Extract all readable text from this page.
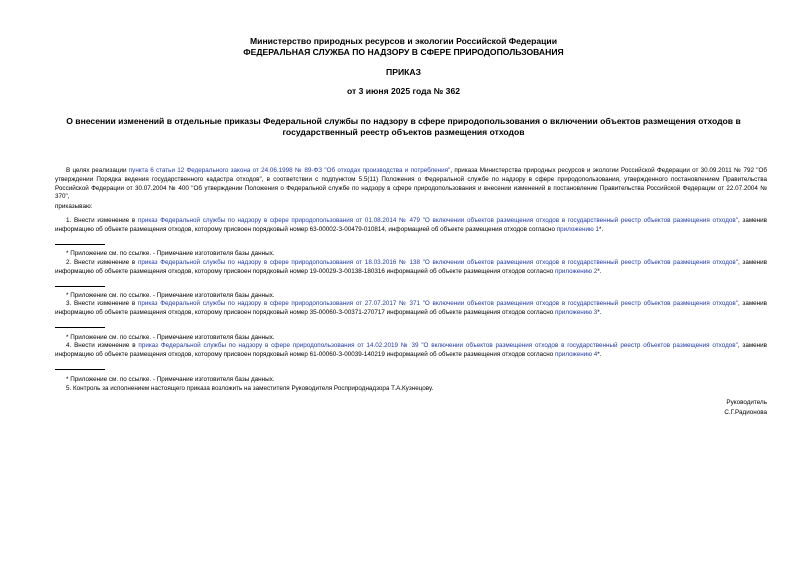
Министерство природных ресурсов и экологии Российской Федерации
ФЕДЕРАЛЬНАЯ СЛУЖБА ПО НАДЗОРУ В СФЕРЕ ПРИРОДОПОЛЬЗОВАНИЯ
ПРИКАЗ
от 3 июня 2025 года № 362
О внесении изменений в отдельные приказы Федеральной службы по надзору в сфере природопользования о включении объектов размещения отходов в государственный реестр объектов размещения отходов
В целях реализации пункта 6 статьи 12 Федерального закона от 24.06.1998 № 89-ФЗ "Об отходах производства и потребления", приказа Министерства природных ресурсов и экологии Российской Федерации от 30.09.2011 № 792 "Об утверждении Порядка ведения государственного кадастра отходов", в соответствии с подпунктом 5.5(11) Положения о Федеральной службе по надзору в сфере природопользования, утвержденного постановлением Правительства Российской Федерации от 30.07.2004 № 400 "Об утверждении Положения о Федеральной службе по надзору в сфере природопользования и внесении изменений в постановление Правительства Российской Федерации от 22.07.2004 № 370",
приказываю:
1. Внести изменение в приказ Федеральной службы по надзору в сфере природопользования от 01.08.2014 № 479 "О включении объектов размещения отходов в государственный реестр объектов размещения отходов", заменив информацию об объекте размещения отходов, которому присвоен порядковый номер 63-00002-З-00479-010814, информацией об объекте размещения отходов согласно приложению 1*.
* Приложение см. по ссылке. - Примечание изготовителя базы данных.
2. Внести изменение в приказ Федеральной службы по надзору в сфере природопользования от 18.03.2016 № 138 "О включении объектов размещения отходов в государственный реестр объектов размещения отходов", заменив информацию об объекте размещения отходов, которому присвоен порядковый номер 19-00029-З-00138-180316 информацией об объекте размещения отходов согласно приложению 2*.
* Приложение см. по ссылке. - Примечание изготовителя базы данных.
3. Внести изменение в приказ Федеральной службы по надзору в сфере природопользования от 27.07.2017 № 371 "О включении объектов размещения отходов в государственный реестр объектов размещения отходов", заменив информацию об объекте размещения отходов, которому присвоен порядковый номер 35-00060-З-00371-270717 информацией об объекте размещения отходов согласно приложению 3*.
* Приложение см. по ссылке. - Примечание изготовителя базы данных.
4. Внести изменение в приказ Федеральной службы по надзору в сфере природопользования от 14.02.2019 № 39 "О включении объектов размещения отходов в государственный реестр объектов размещения отходов", заменив информацию об объекте размещения отходов, которому присвоен порядковый номер 61-00060-З-00039-140219 информацией об объекте размещения отходов согласно приложению 4*.
* Приложение см. по ссылке. - Примечание изготовителя базы данных.
5. Контроль за исполнением настоящего приказа возложить на заместителя Руководителя Росприроднадзора Т.А.Кузнецову.
Руководитель
С.Г.Радионова
